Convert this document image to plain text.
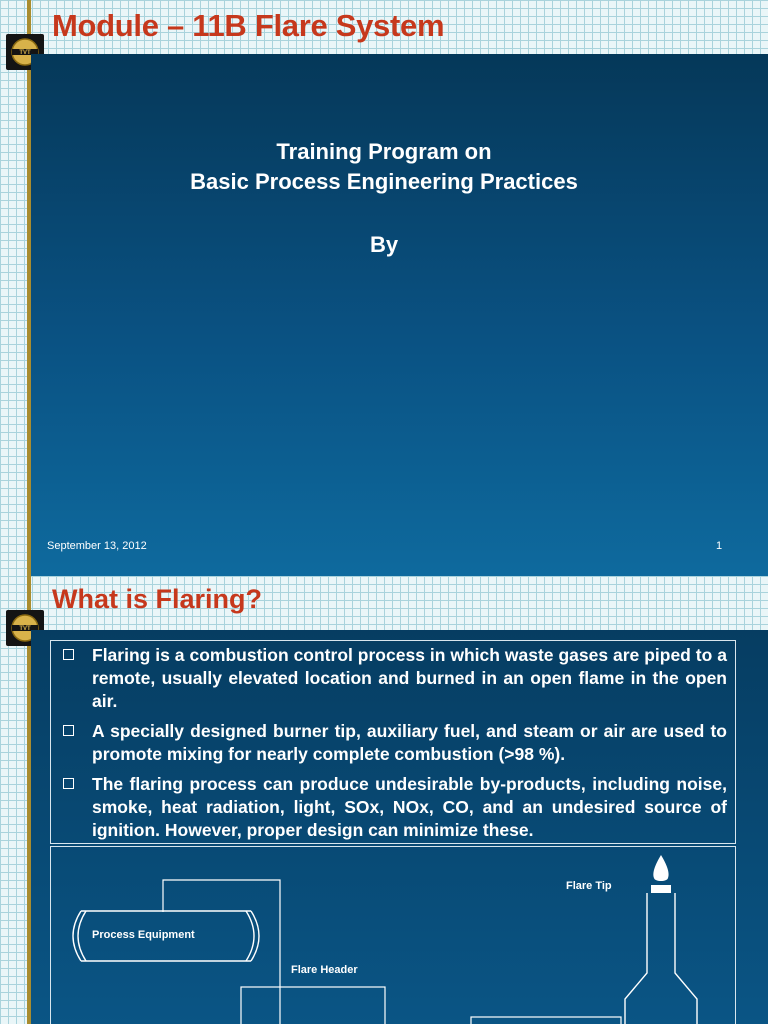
TVT
Module – 11B Flare System
Training Program on
Basic Process Engineering Practices
By
September 13, 2012	1
TVT
What is Flaring?
Flaring is a combustion control process in which waste gases are piped to a remote, usually elevated location and burned in an open flame in the open air.
A specially designed burner tip, auxiliary fuel, and steam or air are used to promote mixing for nearly complete combustion (>98 %).
The flaring process can produce undesirable by-products, including noise, smoke, heat radiation, light, SOx, NOx, CO, and an undesired source of ignition. However, proper design can minimize these.
Process Equipment
Flare Header
Flare Tip
